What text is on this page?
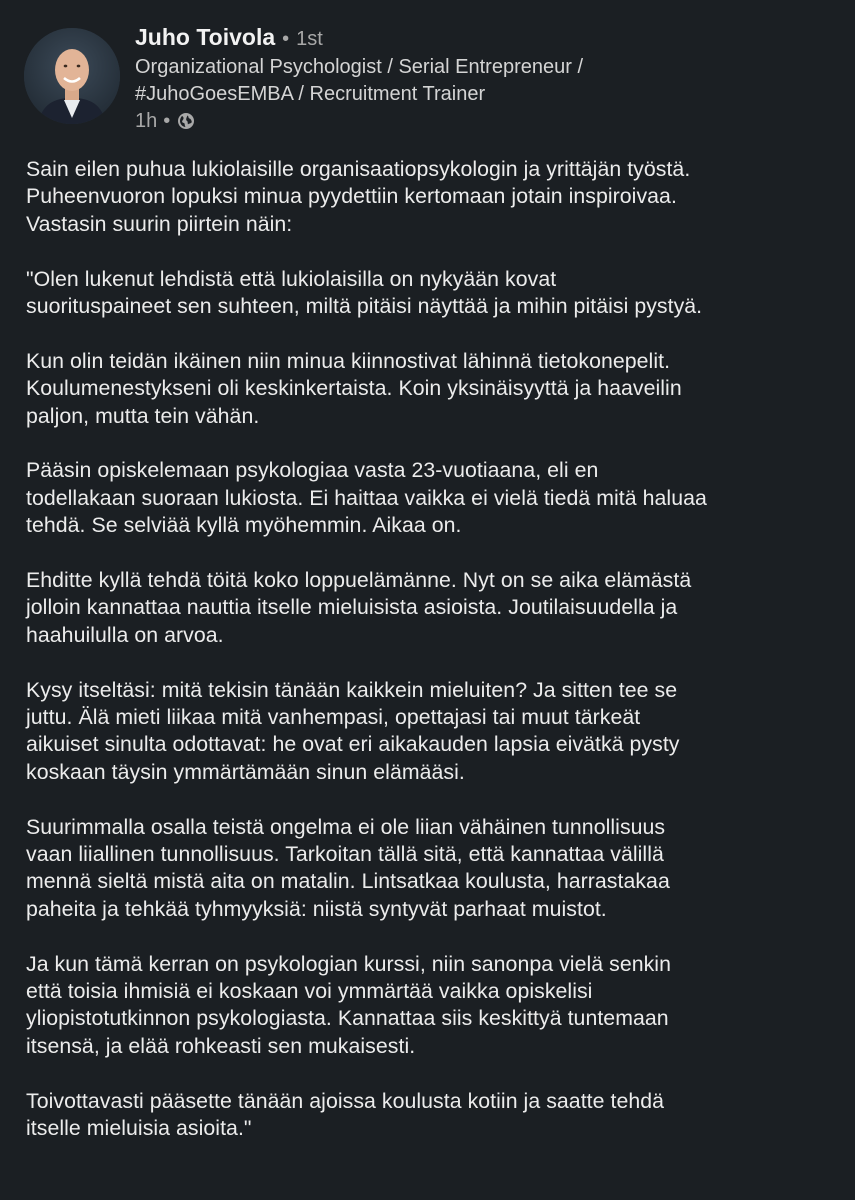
Juho Toivola • 1st
Organizational Psychologist / Serial Entrepreneur /
#JuhoGoesEMBA / Recruitment Trainer
1h •
Sain eilen puhua lukiolaisille organisaatiopsykologin ja yrittäjän työstä.
Puheenvuoron lopuksi minua pyydettiin kertomaan jotain inspiroivaa.
Vastasin suurin piirtein näin:
"Olen lukenut lehdistä että lukiolaisilla on nykyään kovat
suorituspaineet sen suhteen, miltä pitäisi näyttää ja mihin pitäisi pystyä.
Kun olin teidän ikäinen niin minua kiinnostivat lähinnä tietokonepelit.
Koulumenestykseni oli keskinkertaista. Koin yksinäisyyttä ja haaveilin
paljon, mutta tein vähän.
Pääsin opiskelemaan psykologiaa vasta 23-vuotiaana, eli en
todellakaan suoraan lukiosta. Ei haittaa vaikka ei vielä tiedä mitä haluaa
tehdä. Se selviää kyllä myöhemmin. Aikaa on.
Ehditte kyllä tehdä töitä koko loppuelämänne. Nyt on se aika elämästä
jolloin kannattaa nauttia itselle mieluisista asioista. Joutilaisuudella ja
haahuilulla on arvoa.
Kysy itseltäsi: mitä tekisin tänään kaikkein mieluiten? Ja sitten tee se
juttu. Älä mieti liikaa mitä vanhempasi, opettajasi tai muut tärkeät
aikuiset sinulta odottavat: he ovat eri aikakauden lapsia eivätkä pysty
koskaan täysin ymmärtämään sinun elämääsi.
Suurimmalla osalla teistä ongelma ei ole liian vähäinen tunnollisuus
vaan liiallinen tunnollisuus. Tarkoitan tällä sitä, että kannattaa välillä
mennä sieltä mistä aita on matalin. Lintsatkaa koulusta, harrastakaa
paheita ja tehkää tyhmyyksiä: niistä syntyvät parhaat muistot.
Ja kun tämä kerran on psykologian kurssi, niin sanonpa vielä senkin
että toisia ihmisiä ei koskaan voi ymmärtää vaikka opiskelisi
yliopistotutkinnon psykologiasta. Kannattaa siis keskittyä tuntemaan
itsensä, ja elää rohkeasti sen mukaisesti.
Toivottavasti pääsette tänään ajoissa koulusta kotiin ja saatte tehdä
itselle mieluisia asioita."
